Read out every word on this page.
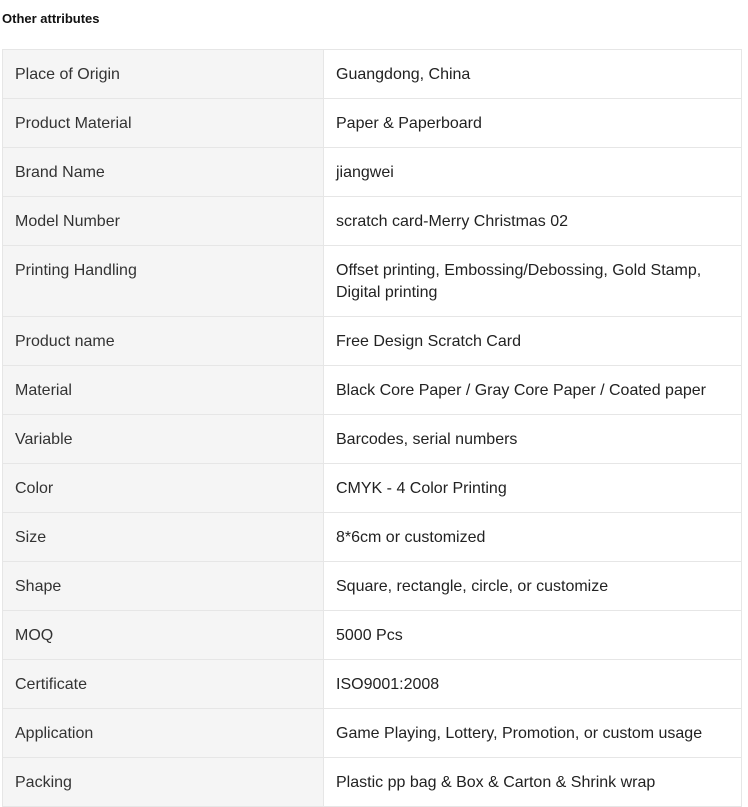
Other attributes
Place of Origin	Guangdong, China
Product Material	Paper & Paperboard
Brand Name	jiangwei
Model Number	scratch card-Merry Christmas 02
Printing Handling	Offset printing, Embossing/Debossing, Gold Stamp, Digital printing
Product name	Free Design Scratch Card
Material	Black Core Paper / Gray Core Paper / Coated paper
Variable	Barcodes, serial numbers
Color	CMYK - 4 Color Printing
Size	8*6cm or customized
Shape	Square, rectangle, circle, or customize
MOQ	5000 Pcs
Certificate	ISO9001:2008
Application	Game Playing, Lottery, Promotion, or custom usage
Packing	Plastic pp bag & Box & Carton & Shrink wrap
